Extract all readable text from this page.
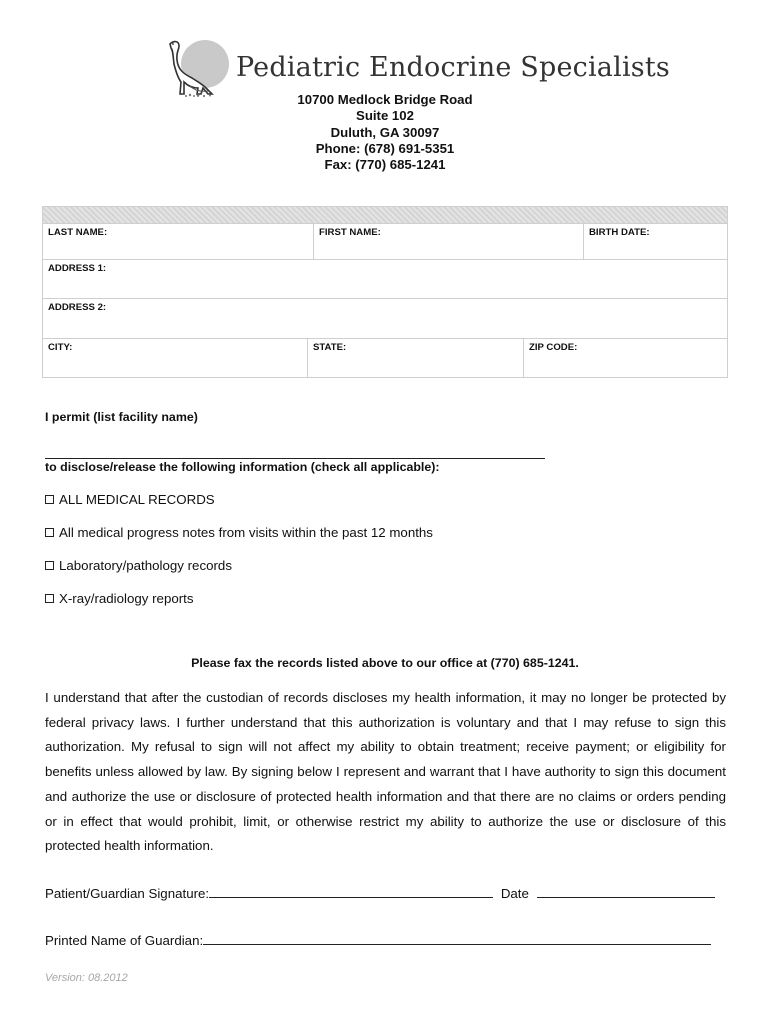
Pediatric Endocrine Specialists
10700 Medlock Bridge Road
Suite 102
Duluth, GA 30097
Phone: (678) 691-5351
Fax: (770) 685-1241
LAST NAME:	FIRST NAME:	BIRTH DATE:
ADDRESS 1:
ADDRESS 2:
CITY:	STATE:	ZIP CODE:
I permit (list facility name)
to disclose/release the following information (check all applicable):
ALL MEDICAL RECORDS
All medical progress notes from visits within the past 12 months
Laboratory/pathology records
X-ray/radiology reports
Please fax the records listed above to our office at (770) 685-1241.
I understand that after the custodian of records discloses my health information, it may no longer be protected by federal privacy laws. I further understand that this authorization is voluntary and that I may refuse to sign this authorization. My refusal to sign will not affect my ability to obtain treatment; receive payment; or eligibility for benefits unless allowed by law. By signing below I represent and warrant that I have authority to sign this document and authorize the use or disclosure of protected health information and that there are no claims or orders pending or in effect that would prohibit, limit, or otherwise restrict my ability to authorize the use or disclosure of this protected health information.
Patient/Guardian Signature:	Date
Printed Name of Guardian:
Version: 08.2012
